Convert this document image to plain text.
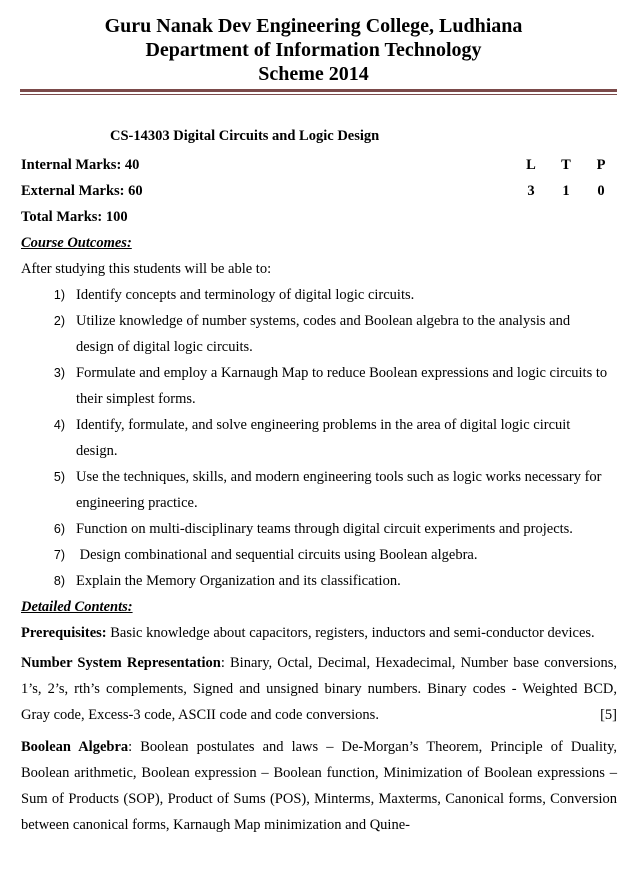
Guru Nanak Dev Engineering College, Ludhiana
Department of Information Technology
Scheme 2014
CS-14303 Digital Circuits and Logic Design
Internal Marks: 40	L T P
External Marks: 60	3	1	0
Total Marks: 100
Course Outcomes:
After studying this students will be able to:
1) Identify concepts and terminology of digital logic circuits.
2) Utilize knowledge of number systems, codes and Boolean algebra to the analysis and design of digital logic circuits.
3) Formulate and employ a Karnaugh Map to reduce Boolean expressions and logic circuits to their simplest forms.
4) Identify, formulate, and solve engineering problems in the area of digital logic circuit design.
5) Use the techniques, skills, and modern engineering tools such as logic works necessary for engineering practice.
6) Function on multi-disciplinary teams through digital circuit experiments and projects.
7) Design combinational and sequential circuits using Boolean algebra.
8) Explain the Memory Organization and its classification.
Detailed Contents:
Prerequisites: Basic knowledge about capacitors, registers, inductors and semi-conductor devices.
Number System Representation: Binary, Octal, Decimal, Hexadecimal, Number base conversions, 1’s, 2’s, rth’s complements, Signed and unsigned binary numbers. Binary codes - Weighted BCD, Gray code, Excess-3 code, ASCII code and code conversions.	[5]
Boolean Algebra: Boolean postulates and laws – De-Morgan’s Theorem, Principle of Duality, Boolean arithmetic, Boolean expression – Boolean function, Minimization of Boolean expressions – Sum of Products (SOP), Product of Sums (POS), Minterms, Maxterms, Canonical forms, Conversion between canonical forms, Karnaugh Map minimization and Quine-
